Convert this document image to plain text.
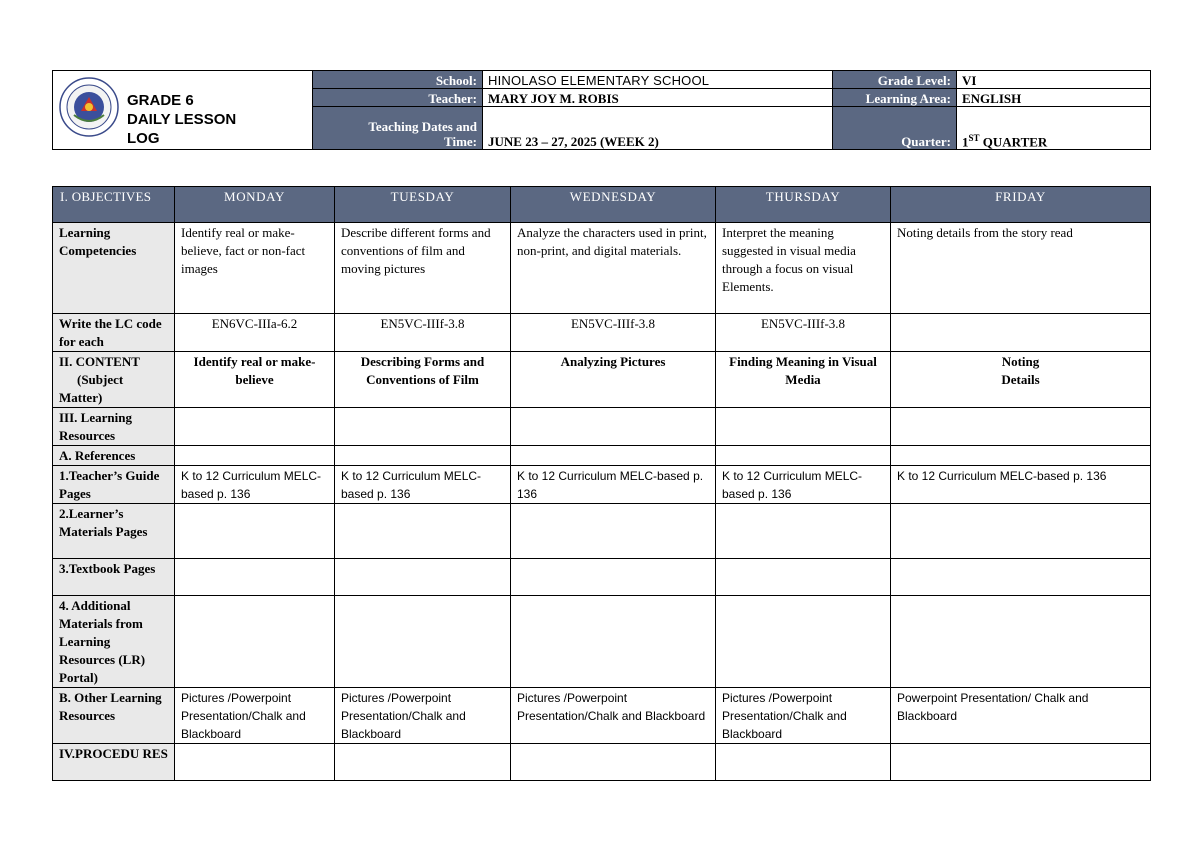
GRADE 6
DAILY LESSON
LOG	School:	HINOLASO ELEMENTARY SCHOOL	Grade Level:	VI
	Teacher:	MARY JOY M. ROBIS	Learning Area:	ENGLISH

	Teaching Dates and
Time:	JUNE 23 – 27, 2025 (WEEK 2)	Quarter:	1ST QUARTER
I. OBJECTIVES	MONDAY	TUESDAY	WEDNESDAY	THURSDAY	FRIDAY
Learning Competencies	Identify real or make-believe, fact or non-fact images	Describe different forms and conventions of film and moving pictures	Analyze the characters used in print, non-print, and digital materials.	Interpret the meaning suggested in visual media through a focus on visual Elements.	Noting details from the story read
Write the LC code for each	EN6VC-IIIa-6.2	EN5VC-IIIf-3.8	EN5VC-IIIf-3.8	EN5VC-IIIf-3.8	

II. CONTENT
(Subject
Matter)	Identify real or make-believe	Describing Forms and Conventions of Film	Analyzing Pictures	Finding Meaning in Visual Media	Noting Details
III. Learning Resources					
A. References					
1.Teacher’s Guide Pages	K to 12 Curriculum MELC-based p. 136	K to 12 Curriculum MELC-based p. 136	K to 12 Curriculum MELC-based p. 136	K to 12 Curriculum MELC-based p. 136	K to 12 Curriculum MELC-based p. 136
2.Learner’s Materials Pages					
3.Textbook Pages					
4. Additional Materials from Learning Resources (LR) Portal)					
B. Other Learning Resources	Pictures /Powerpoint Presentation/Chalk and Blackboard	Pictures /Powerpoint Presentation/Chalk and Blackboard	Pictures /Powerpoint Presentation/Chalk and Blackboard	Pictures /Powerpoint Presentation/Chalk and Blackboard	Powerpoint Presentation/ Chalk and Blackboard
IV.PROCEDU RES					
